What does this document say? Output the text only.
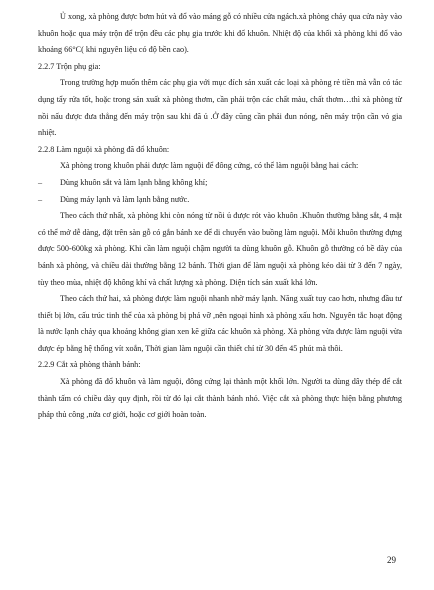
Ủ xong, xà phòng được bơm hút và đổ vào máng gỗ có nhiều cửa ngách.xà phòng chảy qua cửa này vào khuôn hoặc qua máy trộn để trộn đều các phụ gia trước khi đổ khuôn. Nhiệt độ của khối xà phòng khi đổ vào khoảng 66°C( khi nguyên liệu có độ bền cao).

2.2.7 Trộn phụ gia:

Trong trường hợp muốn thêm các phụ gia với mục đích sản xuất các loại xà phòng rẻ tiền mà vẫn có tác dụng tẩy rửa tốt, hoặc trong sản xuất xà phòng thơm, cần phải trộn các chất màu, chất thơm…thì xà phòng từ nồi nấu được đưa thẳng đến máy trộn sau khi đã ủ .Ở đây cũng cần phải đun nóng, nên máy trộn cần vỏ gia nhiệt.

2.2.8 Làm nguội xà phòng đã đổ khuôn:

Xà phòng trong khuôn phải được làm nguội để đông cứng, có thể làm nguội bằng hai cách:

– Dùng khuôn sắt và làm lạnh bằng không khí;

– Dùng máy lạnh và làm lạnh bằng nước.

Theo cách thứ nhất, xà phòng khi còn nóng từ nồi ủ được rót vào khuôn .Khuôn thường bằng sắt, 4 mặt có thể mở dễ dàng, đặt trên sàn gỗ có gắn bánh xe để di chuyển vào buồng làm nguội. Mỗi khuôn thường đựng được 500-600kg xà phòng. Khi cần làm nguội chậm người ta dùng khuôn gỗ. Khuôn gỗ thường có bề dày của bánh xà phòng, và chiều dài thường bằng 12 bánh. Thời gian để làm nguội xà phòng kéo dài từ 3 đến 7 ngày, tùy theo mùa, nhiệt độ không khí và chất lượng xà phòng. Diện tích sản xuất khá lớn.

Theo cách thứ hai, xà phòng được làm nguội nhanh nhờ máy lạnh. Năng xuất tuy cao hơn, nhưng đầu tư thiết bị lớn, cấu trúc tinh thể của xà phòng bị phá vỡ ,nên ngoại hình xà phòng xấu hơn. Nguyên tắc hoạt động là nước lạnh chảy qua khoảng không gian xen kẽ giữa các khuôn xà phòng. Xà phòng vừa được làm nguội vừa được ép bằng hệ thống vít xoắn, Thời gian làm nguội cần thiết chỉ từ 30 đến 45 phút mà thôi.

2.2.9 Cắt xà phòng thành bánh:

Xà phòng đã đổ khuôn và làm nguội, đông cứng lại thành một khối lớn. Người ta dùng dây thép để cắt thành tấm có chiều dày quy định, rồi từ đó lại cắt thành bánh nhỏ. Việc cắt xà phòng thực hiện bằng phương pháp thủ công ,nửa cơ giới, hoặc cơ giới hoàn toàn.

29
